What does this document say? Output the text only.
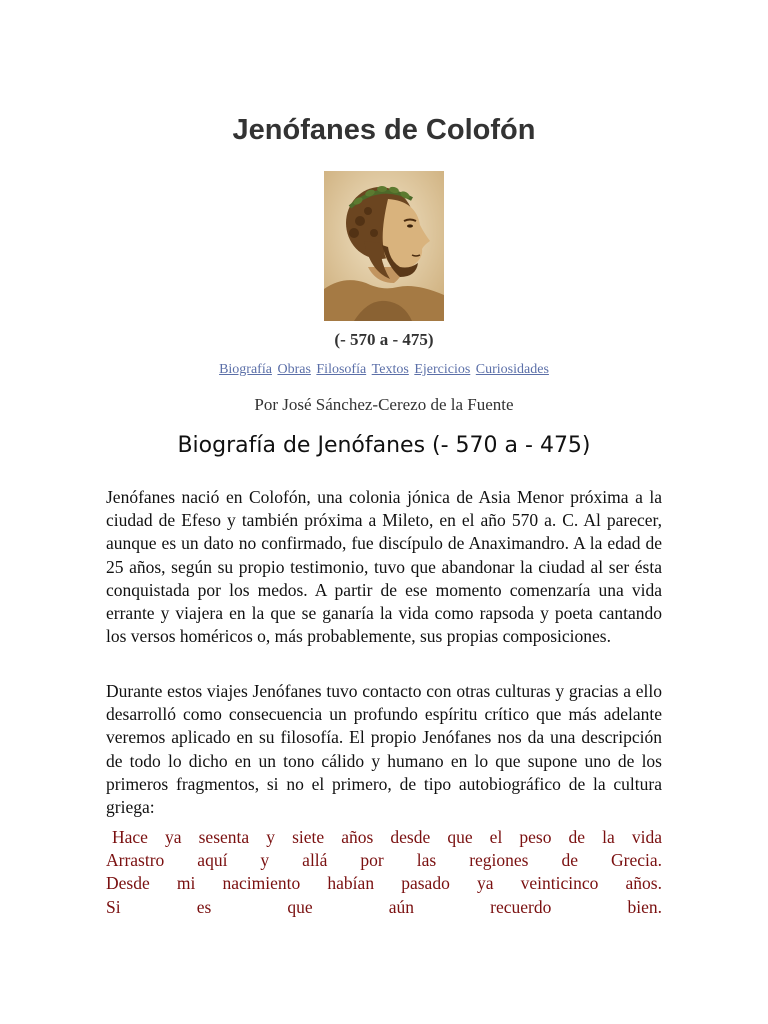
Jenófanes de Colofón
(- 570 a - 475)
Biografía Obras Filosofía Textos Ejercicios Curiosidades
Por José Sánchez-Cerezo de la Fuente
Biografía de Jenófanes (- 570 a - 475)

Jenófanes nació en Colofón, una colonia jónica de Asia Menor próxima a la ciudad de Efeso y también próxima a Mileto, en el año 570 a. C. Al parecer, aunque es un dato no confirmado, fue discípulo de Anaximandro. A la edad de 25 años, según su propio testimonio, tuvo que abandonar la ciudad al ser ésta conquistada por los medos. A partir de ese momento comenzaría una vida errante y viajera en la que se ganaría la vida como rapsoda y poeta cantando los versos homéricos o, más probablemente, sus propias composiciones.

Durante estos viajes Jenófanes tuvo contacto con otras culturas y gracias a ello desarrolló como consecuencia un profundo espíritu crítico que más adelante veremos aplicado en su filosofía. El propio Jenófanes nos da una descripción de todo lo dicho en un tono cálido y humano en lo que supone uno de los primeros fragmentos, si no el primero, de tipo autobiográfico de la cultura griega:

Hace ya sesenta y siete años desde que el peso de la vida
Arrastro aquí y allá por las regiones de Grecia.
Desde mi nacimiento habían pasado ya veinticinco años.
Si es que aún recuerdo bien.
